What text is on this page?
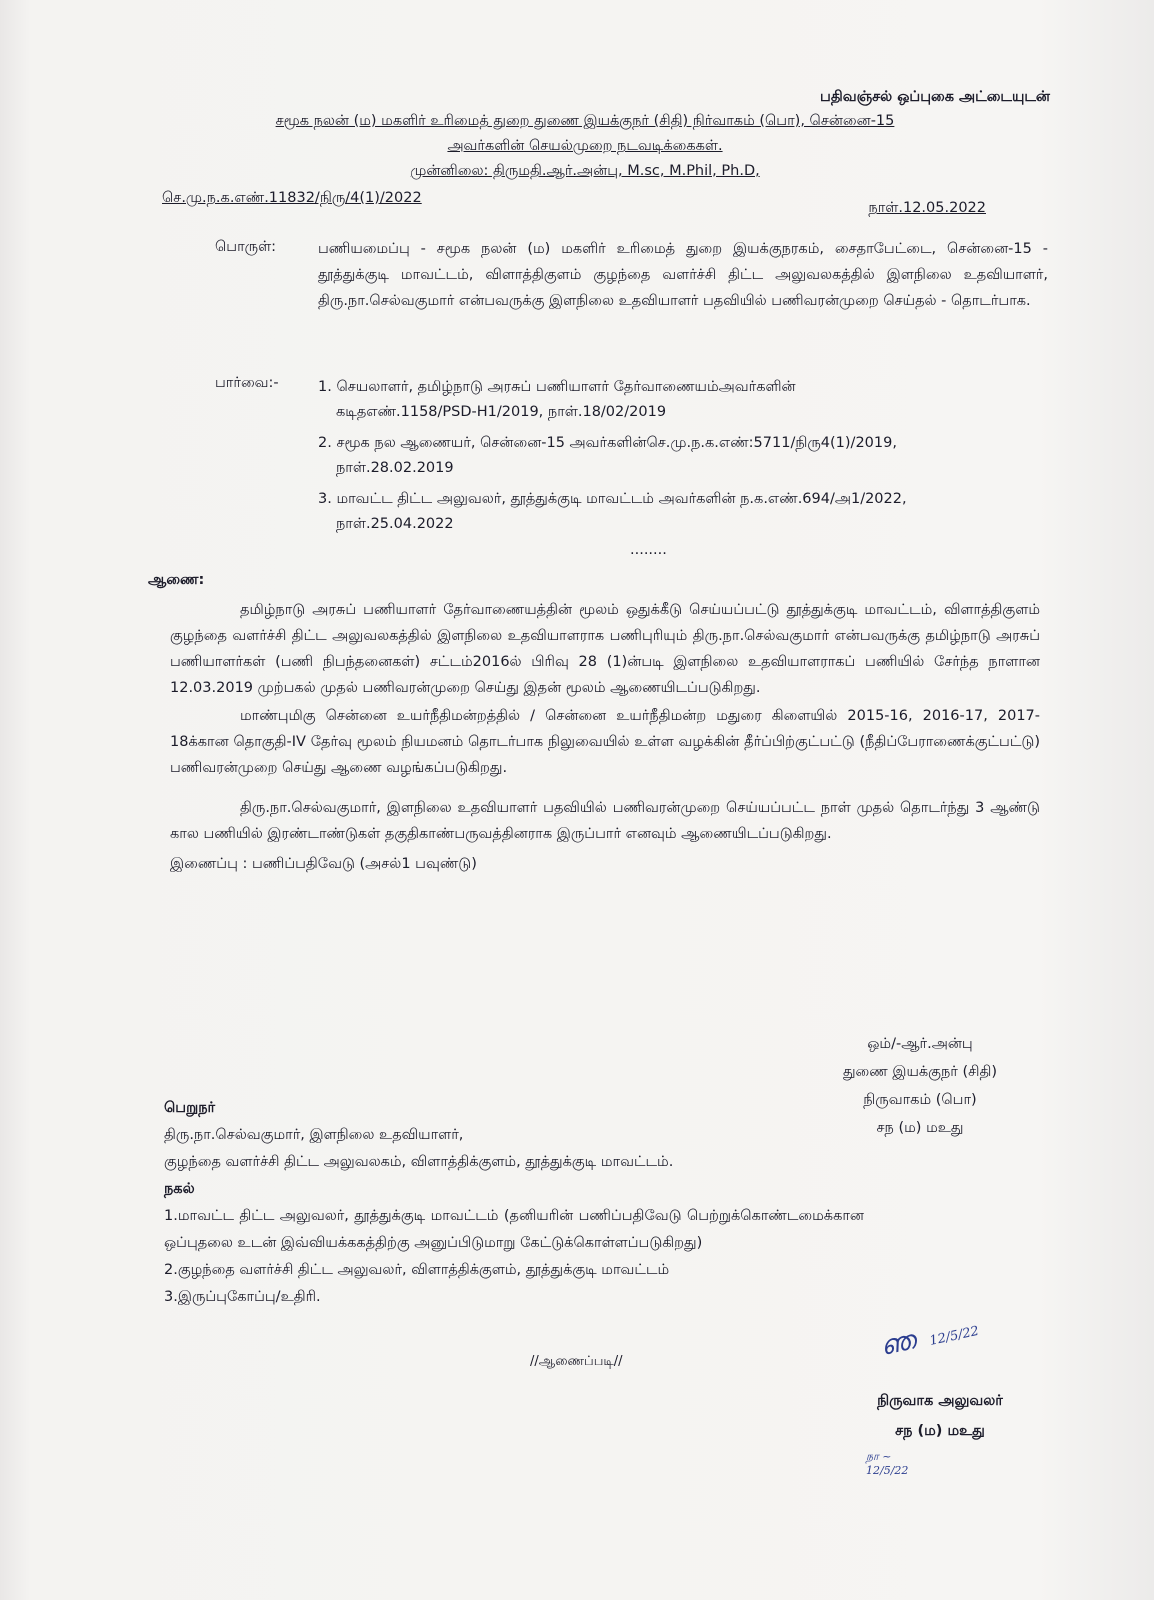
பதிவஞ்சல் ஒப்புகை அட்டையுடன்
சமூக நலன் (ம) மகளிர் உரிமைத் துறை துணை இயக்குநர் (சிதி) நிர்வாகம் (பொ), சென்னை-15
அவர்களின் செயல்முறை நடவடிக்கைகள்.
முன்னிலை: திருமதி.ஆர்.அன்பு, M.sc, M.Phil, Ph.D,
செ.மு.ந.க.எண்.11832/நிரு/4(1)/2022
நாள்.12.05.2022
பொருள்:	பணியமைப்பு - சமூக நலன் (ம) மகளிர் உரிமைத் துறை இயக்குநரகம், சைதாபேட்டை, சென்னை-15 - தூத்துக்குடி மாவட்டம், விளாத்திகுளம் குழந்தை வளர்ச்சி திட்ட அலுவலகத்தில் இளநிலை உதவியாளர், திரு.நா.செல்வகுமார் என்பவருக்கு இளநிலை உதவியாளர் பதவியில் பணிவரன்முறை செய்தல் - தொடர்பாக.
பார்வை:-	1. செயலாளர், தமிழ்நாடு அரசுப் பணியாளர் தேர்வாணையம்அவர்களின்
கடிதஎண்.1158/PSD-H1/2019, நாள்.18/02/2019
2. சமூக நல ஆணையர், சென்னை-15 அவர்களின்செ.மு.ந.க.எண்:5711/நிரு4(1)/2019,
நாள்.28.02.2019
3. மாவட்ட திட்ட அலுவலர், தூத்துக்குடி மாவட்டம் அவர்களின் ந.க.எண்.694/அ1/2022,
நாள்.25.04.2022
........
ஆணை:

தமிழ்நாடு அரசுப் பணியாளர் தேர்வாணையத்தின் மூலம் ஒதுக்கீடு செய்யப்பட்டு தூத்துக்குடி மாவட்டம், விளாத்திகுளம் குழந்தை வளர்ச்சி திட்ட அலுவலகத்தில் இளநிலை உதவியாளராக பணிபுரியும் திரு.நா.செல்வகுமார் என்பவருக்கு தமிழ்நாடு அரசுப் பணியாளர்கள் (பணி நிபந்தனைகள்) சட்டம்2016ல் பிரிவு 28 (1)ன்படி இளநிலை உதவியாளராகப் பணியில் சேர்ந்த நாளான 12.03.2019 முற்பகல் முதல் பணிவரன்முறை செய்து இதன் மூலம் ஆணையிடப்படுகிறது.

மாண்புமிகு சென்னை உயர்நீதிமன்றத்தில் / சென்னை உயர்நீதிமன்ற மதுரை கிளையில் 2015-16, 2016-17, 2017-18க்கான தொகுதி-IV தேர்வு மூலம் நியமனம் தொடர்பாக நிலுவையில் உள்ள வழக்கின் தீர்ப்பிற்குட்பட்டு (நீதிப்பேராணைக்குட்பட்டு) பணிவரன்முறை செய்து ஆணை வழங்கப்படுகிறது.

திரு.நா.செல்வகுமார், இளநிலை உதவியாளர் பதவியில் பணிவரன்முறை செய்யப்பட்ட நாள் முதல் தொடர்ந்து 3 ஆண்டு கால பணியில் இரண்டாண்டுகள் தகுதிகாண்பருவத்தினராக இருப்பார் எனவும் ஆணையிடப்படுகிறது.

இணைப்பு : பணிப்பதிவேடு (அசல்1 பவுண்டு)
ஒம்/-ஆர்.அன்பு
துணை இயக்குநர் (சிதி)
நிருவாகம் (பொ)
சந (ம) மஉது
பெறுநர்
திரு.நா.செல்வகுமார், இளநிலை உதவியாளர்,
குழந்தை வளர்ச்சி திட்ட அலுவலகம், விளாத்திக்குளம், தூத்துக்குடி மாவட்டம்.
நகல்
1.மாவட்ட திட்ட அலுவலர், தூத்துக்குடி மாவட்டம் (தனியரின் பணிப்பதிவேடு பெற்றுக்கொண்டமைக்கான ஒப்புதலை உடன் இவ்வியக்ககத்திற்கு அனுப்பிடுமாறு கேட்டுக்கொள்ளப்படுகிறது)
2.குழந்தை வளர்ச்சி திட்ட அலுவலர், விளாத்திக்குளம், தூத்துக்குடி மாவட்டம்
3.இருப்புகோப்பு/உதிரி.
//ஆணைப்படி//	ഞ 12/5/22
நிருவாக அலுவலர்
சந (ம) மஉது
நா ~
12/5/22
